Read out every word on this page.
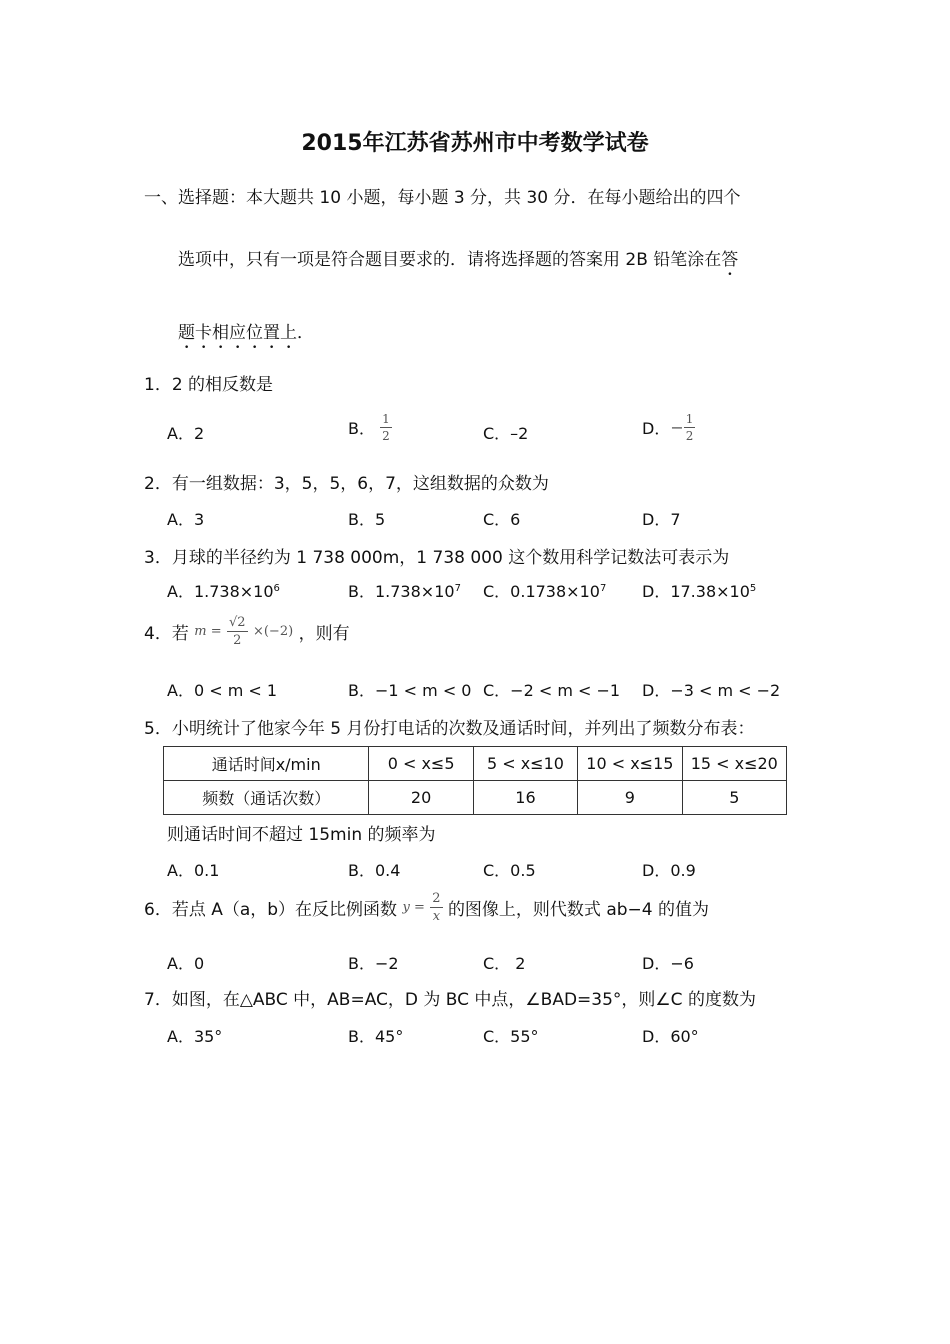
2015年江苏省苏州市中考数学试卷
一、选择题：本大题共 10 小题，每小题 3 分，共 30 分．在每小题给出的四个
选项中，只有一项是符合题目要求的．请将选择题的答案用 2B 铅笔涂在答
题卡相应位置上．
1．2 的相反数是
A．2	B． $\frac{1}{2}$	C．–2	D．− $\frac{1}{2}$
2．有一组数据：3，5，5，6，7，这组数据的众数为
A．3	B．5	C．6	D．7
3．月球的半径约为 1 738 000m，1 738 000 这个数用科学记数法可表示为
A．$1.738\times 10^6$	B．$1.738\times 10^7$ C．$0.1738\times 10^7$ D．$17.38\times 10^5$
4．若 $m = \frac{√2}{2} \times(-2)$ ，则有
A．0 < m < 1	B．−1 < m < 0 C．−2 < m < −1 D．−3 < m < −2
5．小明统计了他家今年 5 月份打电话的次数及通话时间，并列出了频数分布表：
通话时间x/min	0 < x≤5	5 < x≤10	10 < x≤15	15 < x≤20
频数（通话次数）	20	16	9	5
则通话时间不超过 15min 的频率为
A．0.1	B．0.4	C．0.5	D．0.9
6．若点 A（a，b）在反比例函数 $y = \frac{2}{x}$ 的图像上，则代数式 ab−4 的值为
A．0	B．−2	C． 2	D．−6
7．如图，在△ABC 中，AB=AC，D 为 BC 中点，∠BAD=35°，则∠C 的度数为
A．35°	B．45°	C．55°	D．60°
